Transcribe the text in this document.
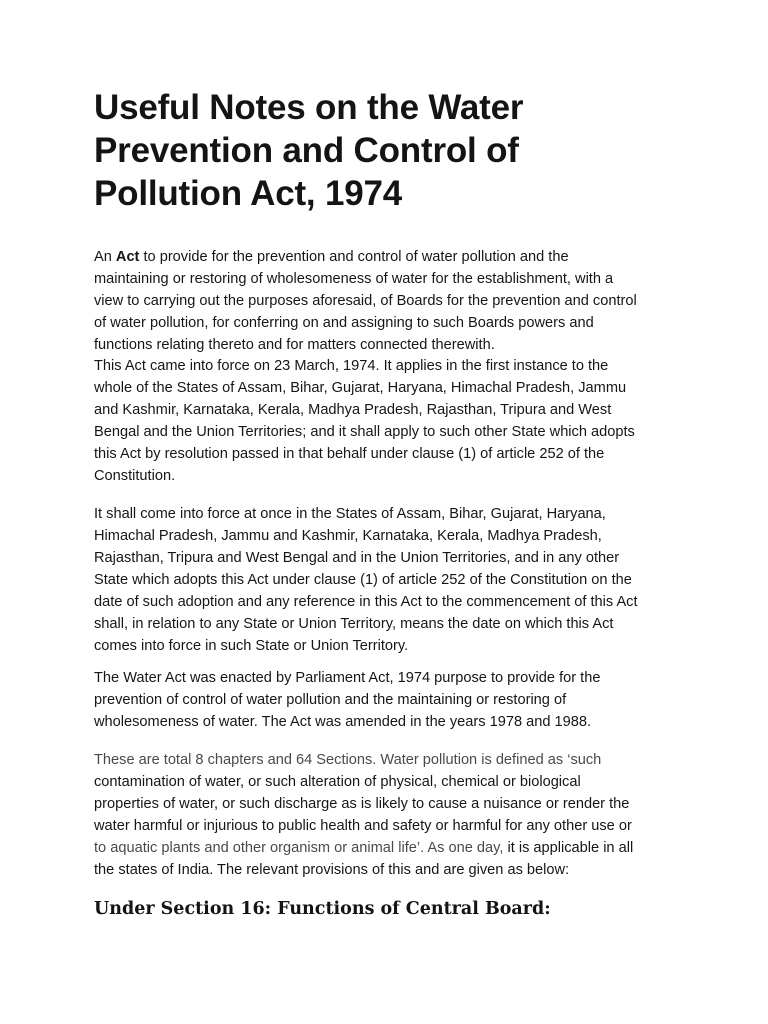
Useful Notes on the Water
Prevention and Control of
Pollution Act, 1974

An Act to provide for the prevention and control of water pollution and the
maintaining or restoring of wholesomeness of water for the establishment, with a
view to carrying out the purposes aforesaid, of Boards for the prevention and control
of water pollution, for conferring on and assigning to such Boards powers and
functions relating thereto and for matters connected therewith.

This Act came into force on 23 March, 1974. It applies in the first instance to the
whole of the States of Assam, Bihar, Gujarat, Haryana, Himachal Pradesh, Jammu
and Kashmir, Karnataka, Kerala, Madhya Pradesh, Rajasthan, Tripura and West
Bengal and the Union Territories; and it shall apply to such other State which adopts
this Act by resolution passed in that behalf under clause (1) of article 252 of the
Constitution.

It shall come into force at once in the States of Assam, Bihar, Gujarat, Haryana,
Himachal Pradesh, Jammu and Kashmir, Karnataka, Kerala, Madhya Pradesh,
Rajasthan, Tripura and West Bengal and in the Union Territories, and in any other
State which adopts this Act under clause (1) of article 252 of the Constitution on the
date of such adoption and any reference in this Act to the commencement of this Act
shall, in relation to any State or Union Territory, means the date on which this Act
comes into force in such State or Union Territory.

The Water Act was enacted by Parliament Act, 1974 purpose to provide for the
prevention of control of water pollution and the maintaining or restoring of
wholesomeness of water. The Act was amended in the years 1978 and 1988.

These are total 8 chapters and 64 Sections. Water pollution is defined as ‘such
contamination of water, or such alteration of physical, chemical or biological
properties of water, or such discharge as is likely to cause a nuisance or render the
water harmful or injurious to public health and safety or harmful for any other use or
to aquatic plants and other organism or animal life’. As one day, it is applicable in all
the states of India. The relevant provisions of this and are given as below:

Under Section 16: Functions of Central Board:
